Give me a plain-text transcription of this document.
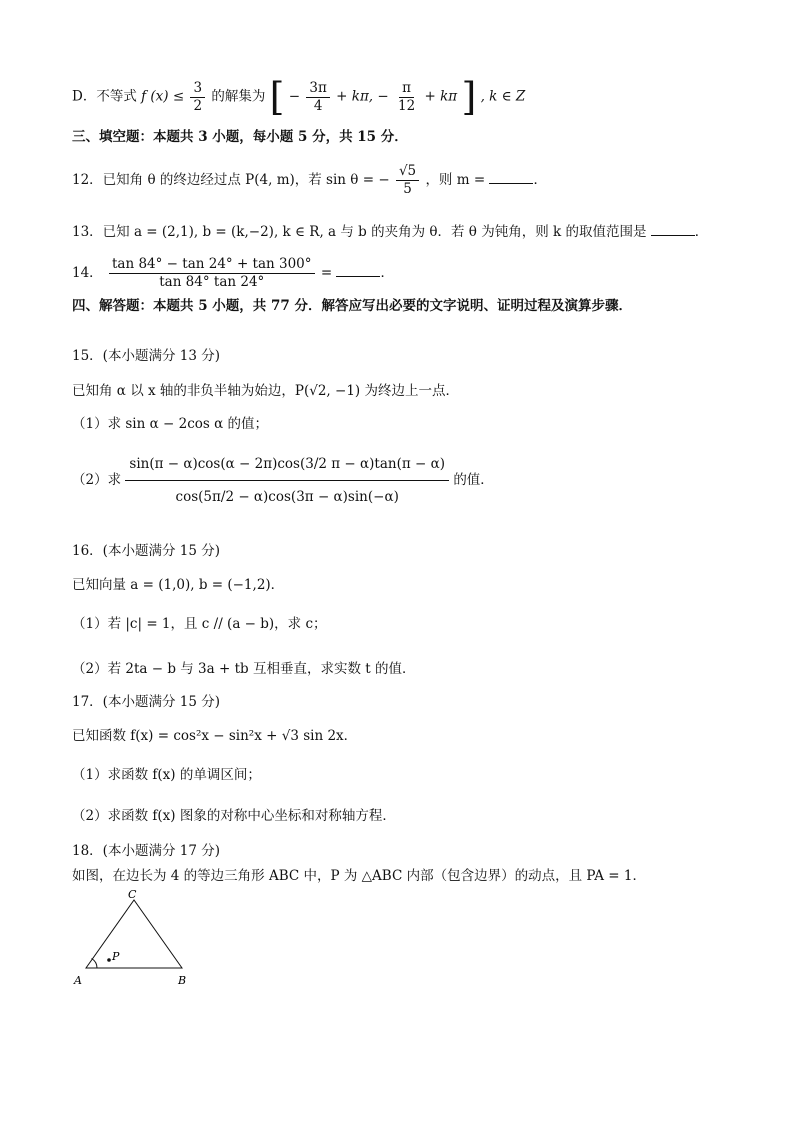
D．不等式 f $(x) \le \frac{3}{2}$ 的解集为 [ − $\frac{3\pi}{4} + k\pi$, − $\frac{\pi}{12} + k\pi$ ] , k ∈ Z
三、填空题：本题共 3 小题，每小题 5 分，共 15 分．
12．已知角 θ 的终边经过点 P(4, m)，若 sin θ = − $\frac{√5}{5}$ ，则 m =	．
13．已知 a = (2,1), b = (k,−2), k ∈ R, a 与 b 的夹角为 θ．若 θ 为钝角，则 k 的取值范围是	．
14． $\frac{\tan 84^\circ - \tan 24^\circ + \tan 300^\circ}{\tan 84^\circ \tan 24^\circ}$ =	．
四、解答题：本题共 5 小题，共 77 分．解答应写出必要的文字说明、证明过程及演算步骤．
15．(本小题满分 13 分)
已知角 α 以 x 轴的非负半轴为始边，P(√2, −1) 为终边上一点．
（1）求 sin α − 2cos α 的值；
（2）求 $\frac{\sin(\pi - \alpha)\cos(\alpha - 2\pi)\cos(3/2 \pi - \alpha)\tan(\pi - \alpha)}{\cos(5\pi/2 - \alpha)\cos(3\pi - \alpha)\sin(-\alpha)}$ 的值．
16．(本小题满分 15 分)
已知向量 a = (1,0), b = (−1,2)．
（1）若 |c| = 1，且 c // (a − b)，求 c；
（2）若 2ta − b 与 3a + tb 互相垂直，求实数 t 的值．
17．(本小题满分 15 分)
已知函数 f(x) = cos²x − sin²x + √3 sin 2x．
（1）求函数 f(x) 的单调区间；
（2）求函数 f(x) 图象的对称中心坐标和对称轴方程．
18．(本小题满分 17 分)
如图，在边长为 4 的等边三角形 ABC 中，P 为 △ABC 内部（包含边界）的动点，且 PA = 1．
A	B
C
P
